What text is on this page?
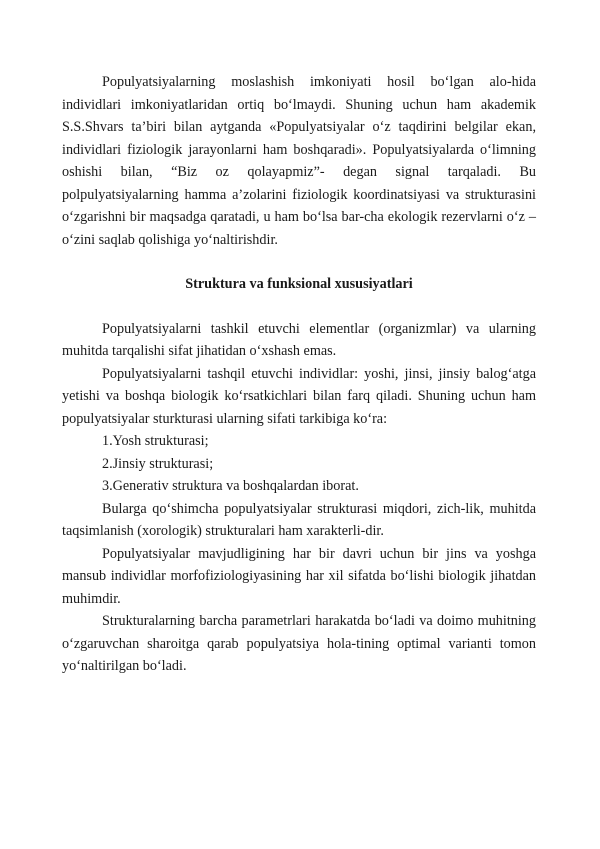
Populyatsiyalarning moslashish imkoniyati hosil bo‘lgan alo-hida individlari imkoniyatlaridan ortiq bo‘lmaydi. Shuning uchun ham akademik S.S.Shvars ta’biri bilan aytganda «Populyatsiyalar o‘z taqdirini belgilar ekan, individlari fiziologik jarayonlarni ham boshqaradi». Populyatsiyalarda o‘limning oshishi bilan, “Biz oz qolayapmiz”- degan signal tarqaladi. Bu polpulyatsiyalarning hamma a’zolarini fiziologik koordinatsiyasi va strukturasini o‘zgarishni bir maqsadga qaratadi, u ham bo‘lsa bar-cha ekologik rezervlarni o‘z – o‘zini saqlab qolishiga yo‘naltirishdir.

Struktura va funksional xususiyatlari

Populyatsiyalarni tashkil etuvchi elementlar (organizmlar) va ularning muhitda tarqalishi sifat jihatidan o‘xshash emas.

Populyatsiyalarni tashqil etuvchi individlar: yoshi, jinsi, jinsiy balog‘atga yetishi va boshqa biologik ko‘rsatkichlari bilan farq qiladi. Shuning uchun ham populyatsiyalar sturkturasi ularning sifati tarkibiga ko‘ra:

1.Yosh strukturasi;

2.Jinsiy strukturasi;

3.Generativ struktura va boshqalardan iborat.

Bularga qo‘shimcha populyatsiyalar strukturasi miqdori, zich-lik, muhitda taqsimlanish (xorologik) strukturalari ham xarakterli-dir.

Populyatsiyalar mavjudligining har bir davri uchun bir jins va yoshga mansub individlar morfofiziologiyasining har xil sifatda bo‘lishi biologik jihatdan muhimdir.

Strukturalarning barcha parametrlari harakatda bo‘ladi va doimo muhitning o‘zgaruvchan sharoitga qarab populyatsiya hola-tining optimal varianti tomon yo‘naltirilgan bo‘ladi.
